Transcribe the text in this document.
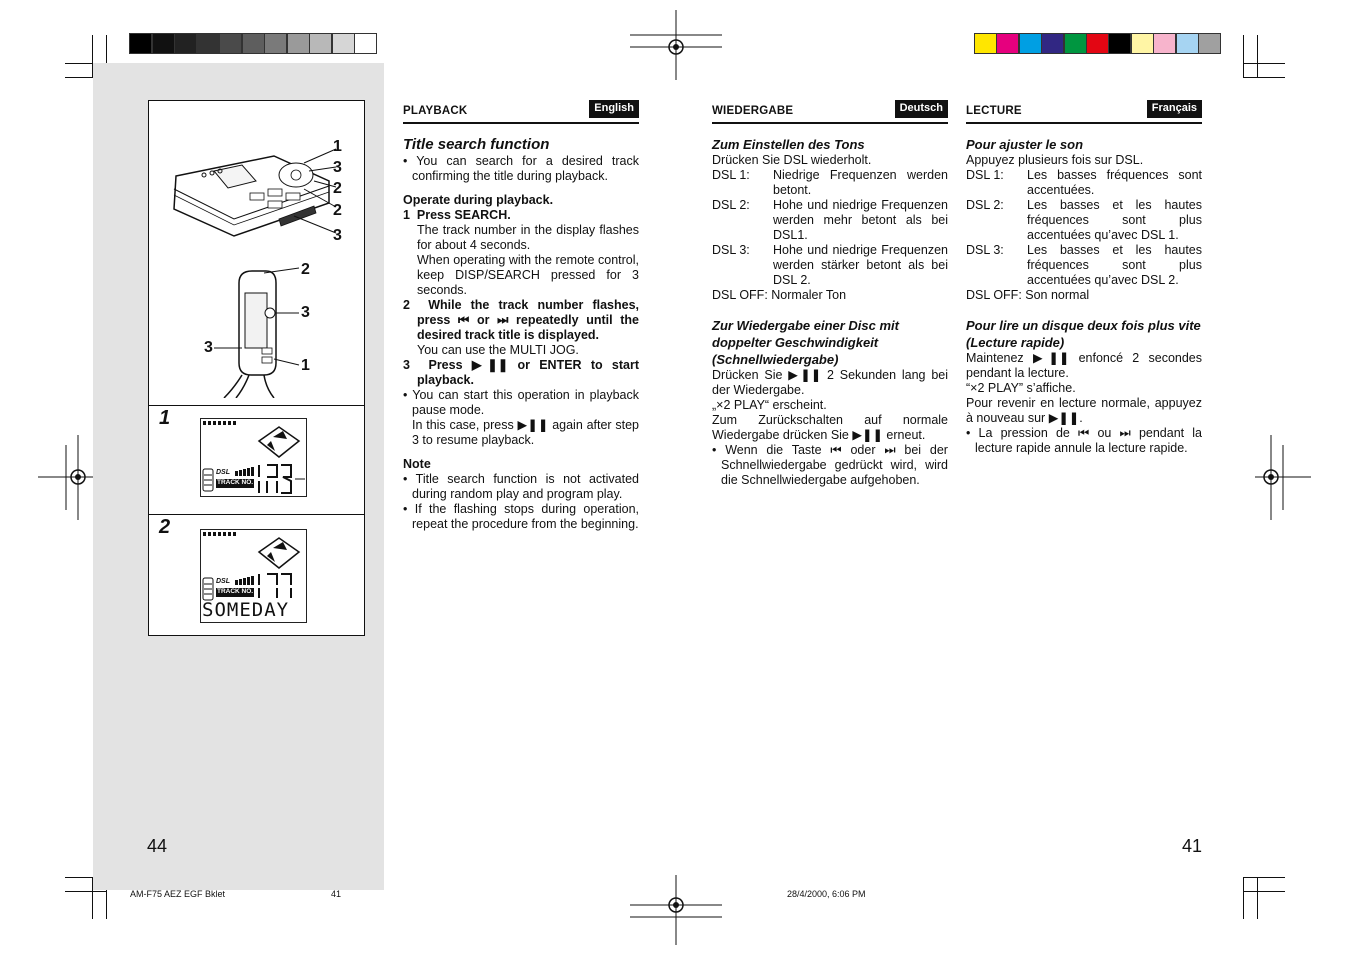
1
3
2
2
3
2
3
3
1
1
DSL
TRACK NO.
2
DSL
TRACK NO.
SOMEDAY
PLAYBACK	English
Title search function
• You can search for a desired track confirming the title during playback.
Operate during playback.
1 Press SEARCH.
The track number in the display flashes for about 4 seconds.
When operating with the remote control, keep DISP/SEARCH pressed for 3 seconds.
2 While the track number flashes, press ⏮ or ⏭ repeatedly until the desired track title is displayed.
You can use the MULTI JOG.
3 Press ▶❚❚ or ENTER to start playback.
• You can start this operation in playback pause mode.
In this case, press ▶❚❚ again after step 3 to resume playback.
Note
• Title search function is not activated during random play and program play.
• If the flashing stops during operation, repeat the procedure from the beginning.
WIEDERGABE	Deutsch
Zum Einstellen des Tons
Drücken Sie DSL wiederholt.
DSL 1:	Niedrige Frequenzen werden betont.
DSL 2:	Hohe und niedrige Frequenzen werden mehr betont als bei DSL1.
DSL 3:	Hohe und niedrige Frequenzen werden stärker betont als bei DSL 2.
DSL OFF: Normaler Ton
Zur Wiedergabe einer Disc mit doppelter Geschwindigkeit (Schnellwiedergabe)
Drücken Sie ▶❚❚ 2 Sekunden lang bei der Wiedergabe.
„×2 PLAY“ erscheint.
Zum Zurückschalten auf normale Wiedergabe drücken Sie ▶❚❚ erneut.
• Wenn die Taste ⏮ oder ⏭ bei der Schnellwiedergabe gedrückt wird, wird die Schnellwiedergabe aufgehoben.
LECTURE	Français
Pour ajuster le son
Appuyez plusieurs fois sur DSL.
DSL 1:	Les basses fréquences sont accentuées.
DSL 2:	Les basses et les hautes fréquences sont plus accentuées qu’avec DSL 1.
DSL 3:	Les basses et les hautes fréquences sont plus accentuées qu’avec DSL 2.
DSL OFF: Son normal
Pour lire un disque deux fois plus vite (Lecture rapide)
Maintenez ▶❚❚ enfoncé 2 secondes pendant la lecture.
“×2 PLAY” s’affiche.
Pour revenir en lecture normale, appuyez à nouveau sur ▶❚❚.
• La pression de ⏮ ou ⏭ pendant la lecture rapide annule la lecture rapide.
44	41
AM-F75 AEZ EGF Bklet	41	28/4/2000, 6:06 PM
